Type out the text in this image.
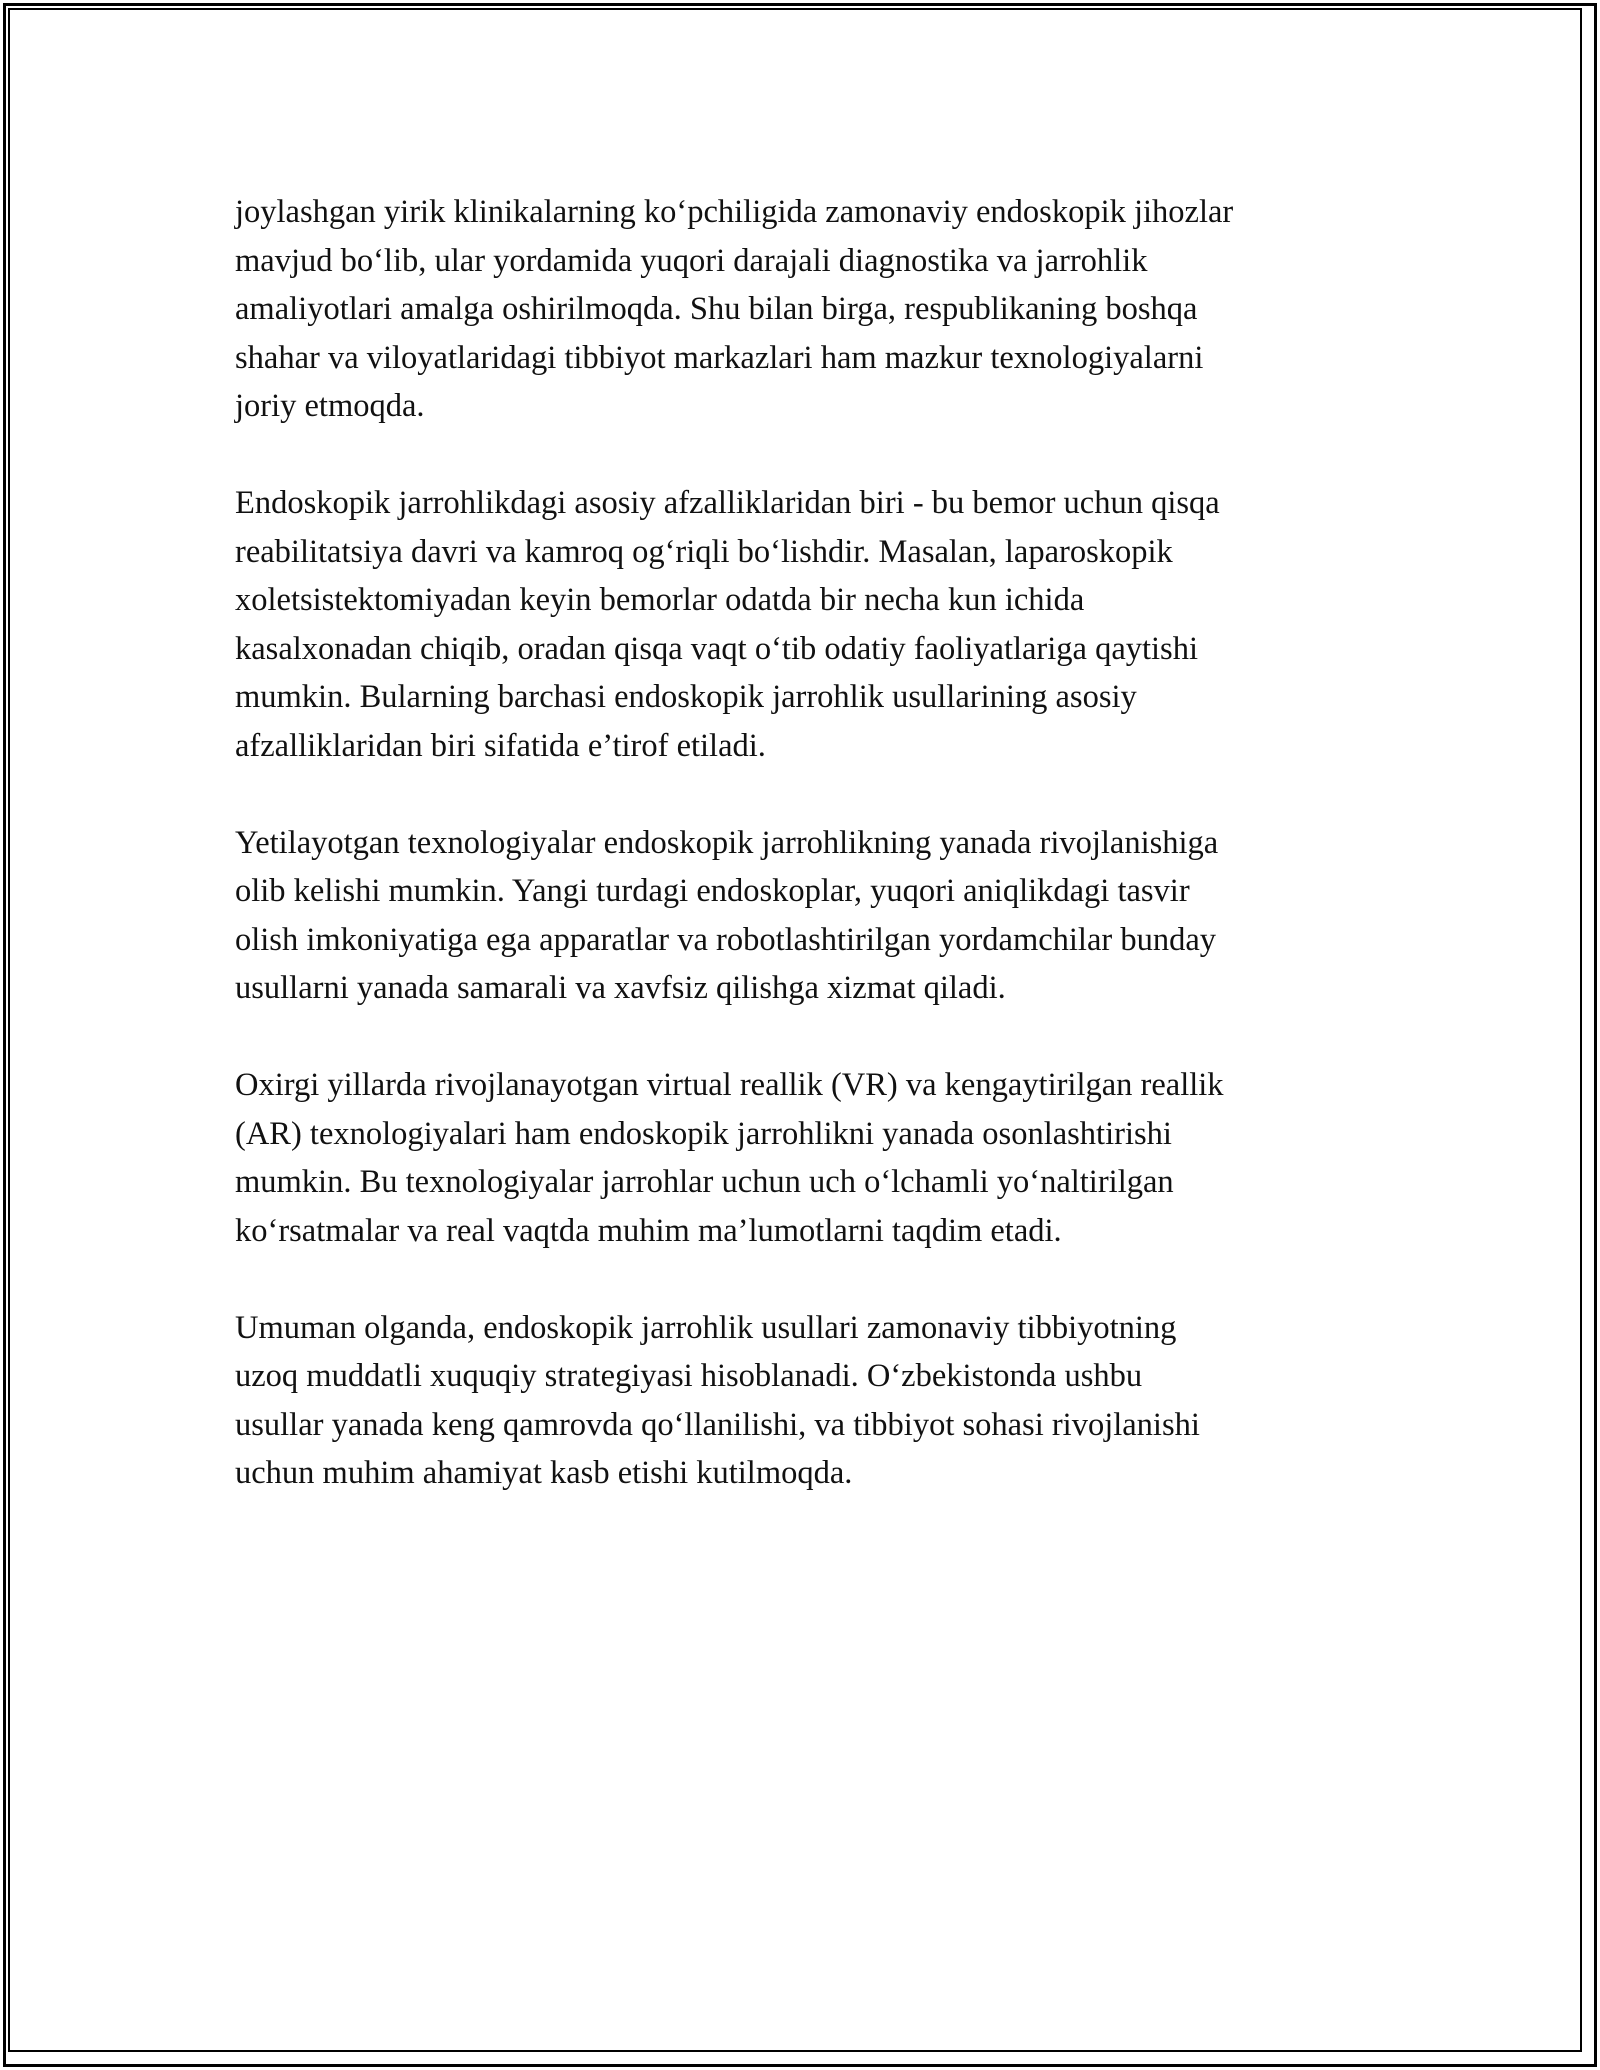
joylashgan yirik klinikalarning ko‘pchiligida zamonaviy endoskopik jihozlar
mavjud bo‘lib, ular yordamida yuqori darajali diagnostika va jarrohlik
amaliyotlari amalga oshirilmoqda. Shu bilan birga, respublikaning boshqa
shahar va viloyatlaridagi tibbiyot markazlari ham mazkur texnologiyalarni
joriy etmoqda.

Endoskopik jarrohlikdagi asosiy afzalliklaridan biri - bu bemor uchun qisqa
reabilitatsiya davri va kamroq og‘riqli bo‘lishdir. Masalan, laparoskopik
xoletsistektomiyadan keyin bemorlar odatda bir necha kun ichida
kasalxonadan chiqib, oradan qisqa vaqt o‘tib odatiy faoliyatlariga qaytishi
mumkin. Bularning barchasi endoskopik jarrohlik usullarining asosiy
afzalliklaridan biri sifatida e’tirof etiladi.

Yetilayotgan texnologiyalar endoskopik jarrohlikning yanada rivojlanishiga
olib kelishi mumkin. Yangi turdagi endoskoplar, yuqori aniqlikdagi tasvir
olish imkoniyatiga ega apparatlar va robotlashtirilgan yordamchilar bunday
usullarni yanada samarali va xavfsiz qilishga xizmat qiladi.

Oxirgi yillarda rivojlanayotgan virtual reallik (VR) va kengaytirilgan reallik
(AR) texnologiyalari ham endoskopik jarrohlikni yanada osonlashtirishi
mumkin. Bu texnologiyalar jarrohlar uchun uch o‘lchamli yo‘naltirilgan
ko‘rsatmalar va real vaqtda muhim ma’lumotlarni taqdim etadi.

Umuman olganda, endoskopik jarrohlik usullari zamonaviy tibbiyotning
uzoq muddatli xuquqiy strategiyasi hisoblanadi. O‘zbekistonda ushbu
usullar yanada keng qamrovda qo‘llanilishi, va tibbiyot sohasi rivojlanishi
uchun muhim ahamiyat kasb etishi kutilmoqda.
